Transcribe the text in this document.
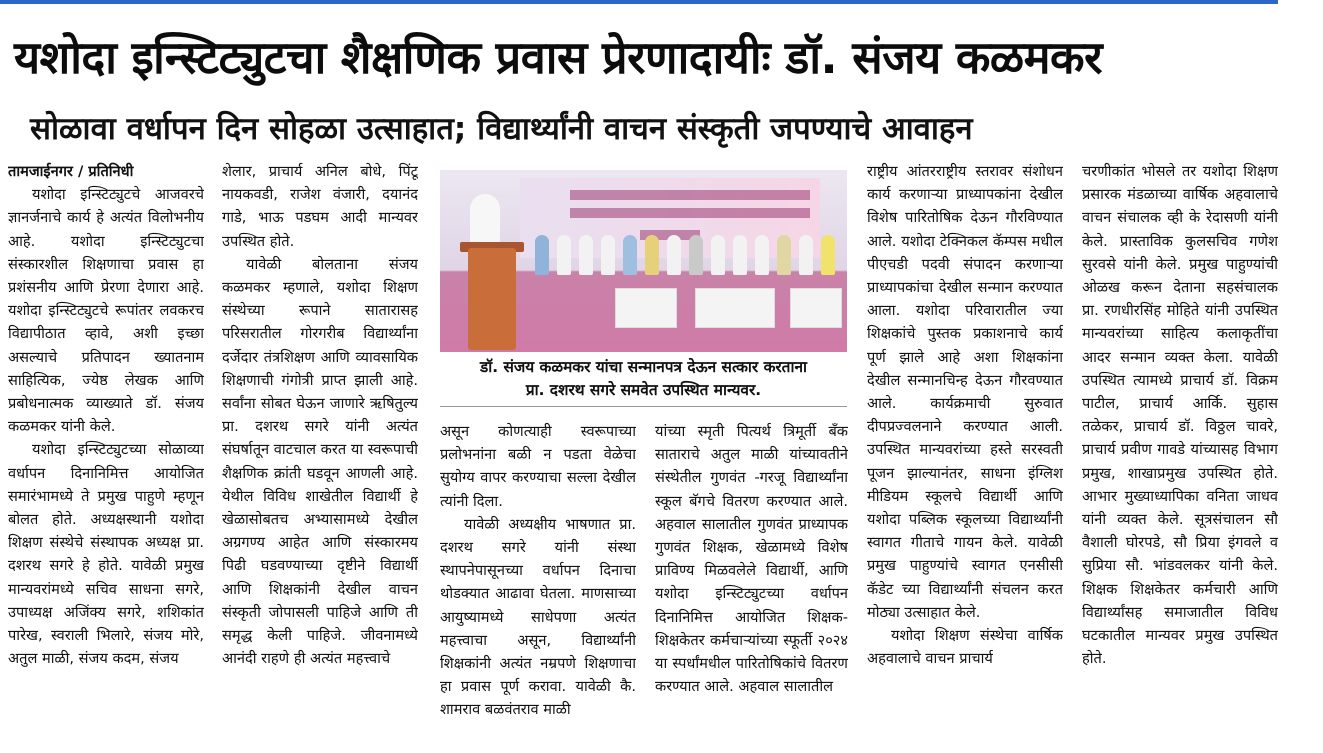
यशोदा इन्स्टिट्युटचा शैक्षणिक प्रवास प्रेरणादायीः डॉ. संजय कळमकर
सोळावा वर्धापन दिन सोहळा उत्साहात; विद्यार्थ्यांनी वाचन संस्कृती जपण्याचे आवाहन

तामजाईनगर / प्रतिनिधी

यशोदा इन्स्टिट्युटचे आजवरचे ज्ञानर्जनाचे कार्य हे अत्यंत विलोभनीय आहे. यशोदा इन्स्टिट्युटचा संस्कारशील शिक्षणाचा प्रवास हा प्रशंसनीय आणि प्रेरणा देणारा आहे. यशोदा इन्स्टिट्युटचे रूपांतर लवकरच विद्यापीठात व्हावे, अशी इच्छा असल्याचे प्रतिपादन ख्यातनाम साहित्यिक, ज्येष्ठ लेखक आणि प्रबोधनात्मक व्याख्याते डॉ. संजय कळमकर यांनी केले.

यशोदा इन्स्टिट्युटच्या सोळाव्या वर्धापन दिनानिमित्त आयोजित समारंभामध्ये ते प्रमुख पाहुणे म्हणून बोलत होते. अध्यक्षस्थानी यशोदा शिक्षण संस्थेचे संस्थापक अध्यक्ष प्रा. दशरथ सगरे हे होते. यावेळी प्रमुख मान्यवरांमध्ये सचिव साधना सगरे, उपाध्यक्ष अजिंक्य सगरे, शशिकांत पारेख, स्वराली भिलारे, संजय मोरे, अतुल माळी, संजय कदम, संजय

शेलार, प्राचार्य अनिल बोधे, पिंटू नायकवडी, राजेश वंजारी, दयानंद गाडे, भाऊ पडघम आदी मान्यवर उपस्थित होते.

यावेळी बोलताना संजय कळमकर म्हणाले, यशोदा शिक्षण संस्थेच्या रूपाने सातारासह परिसरातील गोरगरीब विद्यार्थ्यांना दर्जेदार तंत्रशिक्षण आणि व्यावसायिक शिक्षणाची गंगोत्री प्राप्त झाली आहे. सर्वांना सोबत घेऊन जाणारे ऋषितुल्य प्रा. दशरथ सगरे यांनी अत्यंत संघर्षातून वाटचाल करत या स्वरूपाची शैक्षणिक क्रांती घडवून आणली आहे. येथील विविध शाखेतील विद्यार्थी हे खेळासोबतच अभ्यासामध्ये देखील अग्रगण्य आहेत आणि संस्कारमय पिढी घडवण्याच्या दृष्टीने विद्यार्थी आणि शिक्षकांनी देखील वाचन संस्कृती जोपासली पाहिजे आणि ती समृद्ध केली पाहिजे. जीवनामध्ये आनंदी राहणे ही अत्यंत महत्त्वाचे

डॉ. संजय कळमकर यांचा सन्मानपत्र देऊन सत्कार करताना
प्रा. दशरथ सगरे समवेत उपस्थित मान्यवर.

असून कोणत्याही स्वरूपाच्या प्रलोभनांना बळी न पडता वेळेचा सुयोग्य वापर करण्याचा सल्ला देखील त्यांनी दिला.

यावेळी अध्यक्षीय भाषणात प्रा. दशरथ सगरे यांनी संस्था स्थापनेपासूनच्या वर्धापन दिनाचा थोडक्यात आढावा घेतला. माणसाच्या आयुष्यामध्ये साधेपणा अत्यंत महत्त्वाचा असून, विद्यार्थ्यांनी शिक्षकांनी अत्यंत नम्रपणे शिक्षणाचा हा प्रवास पूर्ण करावा. यावेळी कै. शामराव बळवंतराव माळी

यांच्या स्मृती पित्यर्थ त्रिमूर्ती बँक साताराचे अतुल माळी यांच्यावतीने संस्थेतील गुणवंत -गरजू विद्यार्थ्यांना स्कूल बॅगचे वितरण करण्यात आले. अहवाल सालातील गुणवंत प्राध्यापक गुणवंत शिक्षक, खेळामध्ये विशेष प्राविण्य मिळवलेले विद्यार्थी, आणि यशोदा इन्स्टिट्युटच्या वर्धापन दिनानिमित्त आयोजित शिक्षक-शिक्षकेतर कर्मचाऱ्यांच्या स्फूर्ती २०२४ या स्पर्धांमधील पारितोषिकांचे वितरण करण्यात आले. अहवाल सालातील

राष्ट्रीय आंतरराष्ट्रीय स्तरावर संशोधन कार्य करणाऱ्या प्राध्यापकांना देखील विशेष पारितोषिक देऊन गौरविण्यात आले. यशोदा टेक्निकल कॅम्पस मधील पीएचडी पदवी संपादन करणाऱ्या प्राध्यापकांचा देखील सन्मान करण्यात आला. यशोदा परिवारातील ज्या शिक्षकांचे पुस्तक प्रकाशनाचे कार्य पूर्ण झाले आहे अशा शिक्षकांना देखील सन्मानचिन्ह देऊन गौरवण्यात आले. कार्यक्रमाची सुरुवात दीपप्रज्वलनाने करण्यात आली. उपस्थित मान्यवरांच्या हस्ते सरस्वती पूजन झाल्यानंतर, साधना इंग्लिश मीडियम स्कूलचे विद्यार्थी आणि यशोदा पब्लिक स्कूलच्या विद्यार्थ्यांनी स्वागत गीताचे गायन केले. यावेळी प्रमुख पाहुण्यांचे स्वागत एनसीसी कॅडेट च्या विद्यार्थ्यांनी संचलन करत मोठ्या उत्साहात केले.

यशोदा शिक्षण संस्थेचा वार्षिक अहवालाचे वाचन प्राचार्य

चरणीकांत भोसले तर यशोदा शिक्षण प्रसारक मंडळाच्या वार्षिक अहवालाचे वाचन संचालक व्ही के रेदासणी यांनी केले. प्रास्ताविक कुलसचिव गणेश सुरवसे यांनी केले. प्रमुख पाहुण्यांची ओळख करून देताना सहसंचालक प्रा. रणधीरसिंह मोहिते यांनी उपस्थित मान्यवरांच्या साहित्य कलाकृतींचा आदर सन्मान व्यक्त केला. यावेळी उपस्थित त्यामध्ये प्राचार्य डॉ. विक्रम पाटील, प्राचार्य आर्कि. सुहास तळेकर, प्राचार्य डॉ. विठ्ठल चावरे, प्राचार्य प्रवीण गावडे यांच्यासह विभाग प्रमुख, शाखाप्रमुख उपस्थित होते. आभार मुख्याध्यापिका वनिता जाधव यांनी व्यक्त केले. सूत्रसंचालन सौ वैशाली घोरपडे, सौ प्रिया इंगवले व सुप्रिया सौ. भांडवलकर यांनी केले. शिक्षक शिक्षकेतर कर्मचारी आणि विद्यार्थ्यांसह समाजातील विविध घटकातील मान्यवर प्रमुख उपस्थित होते.
